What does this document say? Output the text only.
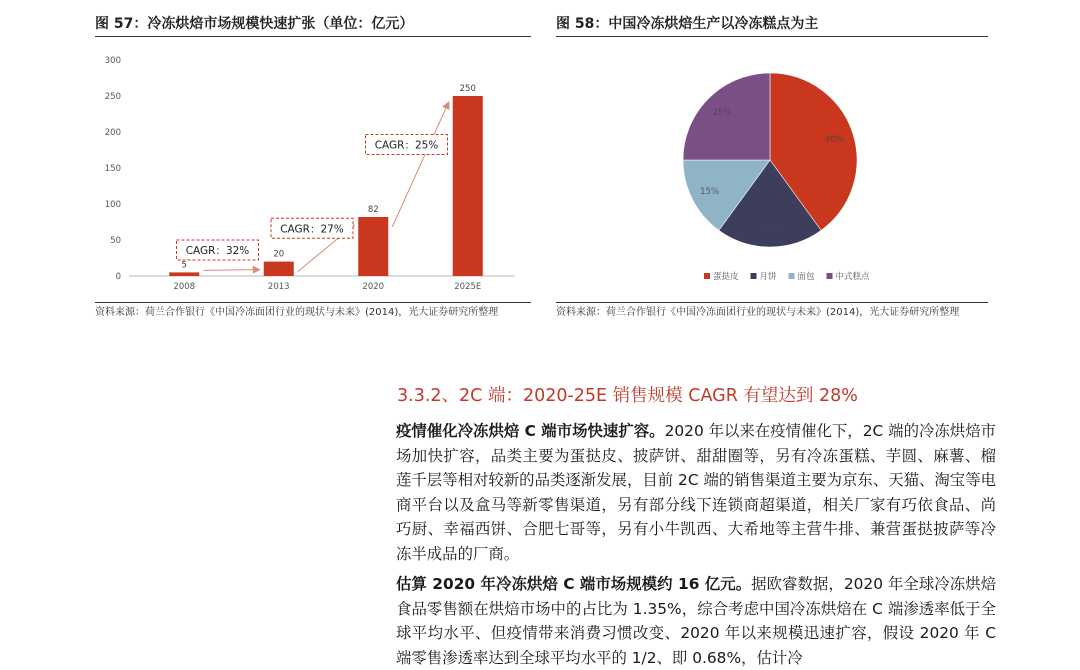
图 57：冷冻烘焙市场规模快速扩张（单位：亿元）
0
50
100
150
200
250
300
5
2008
20
2013
82
2020
250
2025E
CAGR：32%
CAGR：27%
CAGR：25%
资料来源：荷兰合作银行《中国冷冻面团行业的现状与未来》(2014)，光大证券研究所整理
图 58：中国冷冻烘焙生产以冷冻糕点为主
40%
20%
15%
25%
蛋挞皮 月饼 面包 中式糕点
资料来源：荷兰合作银行《中国冷冻面团行业的现状与未来》(2014)，光大证券研究所整理
3.3.2、2C 端：2020-25E 销售规模 CAGR 有望达到 28%
疫情催化冷冻烘焙 C 端市场快速扩容。2020 年以来在疫情催化下，2C 端的冷冻烘焙市场加快扩容，品类主要为蛋挞皮、披萨饼、甜甜圈等，另有冷冻蛋糕、芋圆、麻薯、榴莲千层等相对较新的品类逐渐发展，目前 2C 端的销售渠道主要为京东、天猫、淘宝等电商平台以及盒马等新零售渠道，另有部分线下连锁商超渠道，相关厂家有巧依食品、尚巧厨、幸福西饼、合肥七哥等，另有小牛凯西、大希地等主营牛排、兼营蛋挞披萨等冷冻半成品的厂商。
估算 2020 年冷冻烘焙 C 端市场规模约 16 亿元。据欧睿数据，2020 年全球冷冻烘焙食品零售额在烘焙市场中的占比为 1.35%，综合考虑中国冷冻烘焙在 C 端渗透率低于全球平均水平、但疫情带来消费习惯改变、2020 年以来规模迅速扩容，假设 2020 年 C 端零售渗透率达到全球平均水平的 1/2、即 0.68%，估计冷
